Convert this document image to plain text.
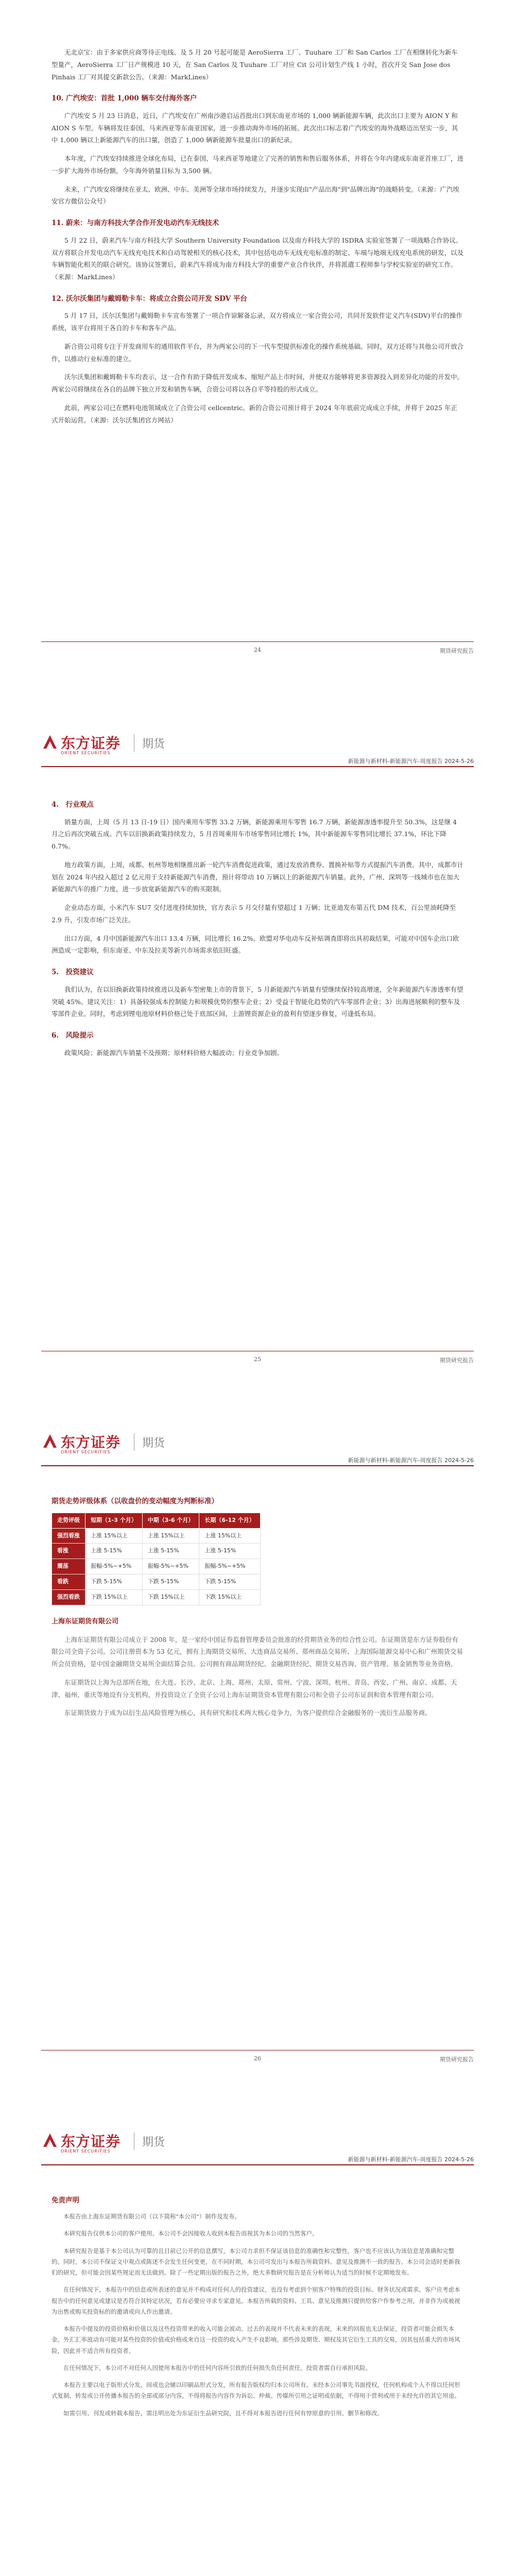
无北京宝：由于多家供应商等待正电线、及 5 月 20 号起可能是 AeroSierra 工厂、Tuuhare 工厂和 San Carlos 工厂在相继转化为新车型量产，AeroSierra 工厂日产规模进 10 天，在 San Carlos 及 Tuuhare 工厂对应 Cit 公司计划生产线 1 小时，首次开交 San Jose dos Pinhais 工厂对其提交新款公告。（来源：MarkLines）

10. 广汽埃安：首批 1,000 辆车交付海外客户

广汽埃安 5 月 23 日消息，近日，广汽埃安在广州南沙港启运首批出口到东南亚市场的 1,000 辆新能源车辆，此次出口主要为 AION Y 和 AION S 车型。车辆将发往泰国、马来西亚等东南亚国家，进一步推动海外市场的拓展。此次出口标志着广汽埃安的海外战略迈出坚实一步，其中 1,000 辆以上新能源汽车的出口量，创造了 1,000 辆新能源车批量出口的新纪录。

本年度，广汽埃安持续推进全球化布局，已在泰国、马来西亚等地建立了完善的销售和售后服务体系，并将在今年内建成东南亚首座工厂，进一步扩大海外市场份额，今年海外销量目标为 3,500 辆。

未来，广汽埃安将继续在亚太、欧洲、中东、美洲等全球市场持续发力，并逐步实现由"产品出海"到"品牌出海"的战略转变。（来源：广汽埃安官方微信公众号）

11. 蔚来：与南方科技大学合作开发电动汽车无线技术

5 月 22 日，蔚来汽车与南方科技大学 Southern University Foundation 以及南方科技大学的 ISDRA 实验室签署了一项战略合作协议。双方将联合开发电动汽车无线充电技术和自动驾驶相关的核心技术，其中包括电动车无线充电标准的制定、车端与地端无线充电系统的研发，以及车辆智能化相关的联合研究。该协议签署后，蔚来汽车将成为南方科技大学的重要产业合作伙伴，并将派遣工程师参与学校实验室的研究工作。（来源：MarkLines）

12. 沃尔沃集团与戴姆勒卡车：将成立合资公司开发 SDV 平台

5 月 17 日，沃尔沃集团与戴姆勒卡车宣布签署了一项合作谅解备忘录，双方将成立一家合资公司，共同开发软件定义汽车(SDV)平台的操作系统，该平台将用于各自的卡车和客车产品。

新合资公司将专注于开发商用车的通用软件平台，并为两家公司的下一代车型提供标准化的操作系统基础。同时，双方还将与其他公司开放合作，以推动行业标准的建立。

沃尔沃集团和戴姆勒卡车均表示，这一合作有助于降低开发成本、缩短产品上市时间，并使双方能够将更多资源投入到差异化功能的开发中。两家公司将继续在各自的品牌下独立开发和销售车辆，合资公司将以各自平等持股的形式成立。

此前，两家公司已在燃料电池领域成立了合资公司 cellcentric。新的合资公司预计将于 2024 年年底前完成成立手续，并将于 2025 年正式开始运营。（来源：沃尔沃集团官方网站）

24	期货研究报告
东方证券
ORIENT SECURITIES
期货
新能源与新材料-新能源汽车-周度报告 2024-5-26
4.　行业观点

销量方面，上周（5 月 13 日-19 日）国内乘用车零售 33.2 万辆，新能源乘用车零售 16.7 万辆，新能源渗透率提升至 50.3%，这是继 4 月之后再次突破五成。汽车以旧换新政策持续发力，5 月首周乘用车市场零售同比增长 1%，其中新能源车零售同比增长 37.1%，环比下降 0.7%。

地方政策方面，上周，成都、杭州等地相继推出新一轮汽车消费促进政策，通过发放消费券、置换补贴等方式提振汽车消费。其中，成都市计划在 2024 年内投入超过 2 亿元用于支持新能源汽车消费，预计将带动 10 万辆以上的新能源汽车销量。此外，广州、深圳等一线城市也在加大新能源汽车的推广力度，进一步放宽新能源汽车的购买限制。

企业动态方面，小米汽车 SU7 交付进度持续加快，官方表示 5 月交付量有望超过 1 万辆；比亚迪发布第五代 DM 技术，百公里油耗降至 2.9 升，引发市场广泛关注。

出口方面，4 月中国新能源汽车出口 13.4 万辆，同比增长 16.2%。欧盟对华电动车反补贴调查即将出具初裁结果，可能对中国车企出口欧洲造成一定影响，但东南亚、中东及拉美等新兴市场需求依旧旺盛。

5.　投资建议

我们认为，在以旧换新政策持续推进以及新车型密集上市的背景下，5 月新能源汽车销量有望继续保持较高增速，全年新能源汽车渗透率有望突破 45%。建议关注：1）具备较强成本控制能力和规模优势的整车企业；2）受益于智能化趋势的汽车零部件企业；3）出海进展顺利的整车及零部件企业。同时，考虑到锂电池原材料价格已处于底部区间，上游锂资源企业的盈利有望逐步修复，可逢低布局。

6.　风险提示

政策风险；新能源汽车销量不及预期；原材料价格大幅波动；行业竞争加剧。

25	期货研究报告
东方证券
ORIENT SECURITIES
期货
新能源与新材料-新能源汽车-周度报告 2024-5-26
期货走势评级体系（以收盘价的变动幅度为判断标准）
走势评级	短期（1-3 个月）	中期（3-6 个月）	长期（6-12 个月）
强烈看涨	上涨 15%以上	上涨 15%以上	上涨 15%以上
看涨	上涨 5-15%	上涨 5-15%	上涨 5-15%
震荡	振幅-5%~+5%	振幅-5%~+5%	振幅-5%~+5%
看跌	下跌 5-15%	下跌 5-15%	下跌 5-15%
强烈看跌	下跌 15%以上	下跌 15%以上	下跌 15%以上
上海东证期货有限公司

上海东证期货有限公司成立于 2008 年，是一家经中国证券监督管理委员会批准的经营期货业务的综合性公司。东证期货是东方证券股份有限公司全资子公司。公司注册资本为 53 亿元，拥有上海期货交易所、大连商品交易所、郑州商品交易所、上海国际能源交易中心和广州期货交易所会员资格，是中国金融期货交易所全面结算会员。公司拥有商品期货经纪、金融期货经纪、期货交易咨询、资产管理、基金销售等业务资格。

东证期货以上海为总部所在地，在大连、长沙、北京、上海、郑州、太原、常州、宁波、深圳、杭州、青岛、西安、广州、南京、成都、天津、福州、重庆等地设有分支机构，并投资设立了全资子公司上海东证期货资本管理有限公司和全资子公司东证润和资本管理有限公司。

东证期货致力于成为以衍生品风险管理为核心，具有研究和技术两大核心竞争力，为客户提供综合金融服务的一流衍生品服务商。

26	期货研究报告
东方证券
ORIENT SECURITIES
期货
新能源与新材料-新能源汽车-周度报告 2024-5-26
免责声明

本报告由上海东证期货有限公司（以下简称"本公司"）制作及发布。

本研究报告仅供本公司的客户使用。本公司不会因接收人收到本报告而视其为本公司的当然客户。

本研究报告是基于本公司认为可靠的且目前已公开的信息撰写，本公司力求但不保证该信息的准确性和完整性，客户也不应该认为该信息是准确和完整的。同时，本公司不保证文中观点或陈述不会发生任何变更，在不同时期，本公司可发出与本报告所载资料、意见及推测不一致的报告。本公司会适时更新我们的研究，但可能会因某些规定而无法做到。除了一些定期出版的报告之外，绝大多数研究报告是在分析师认为适当的时候不定期地发布。

在任何情况下，本报告中的信息或所表述的意见并不构成对任何人的投资建议，也没有考虑到个别客户特殊的投资目标、财务状况或需求。客户应考虑本报告中的任何意见或建议是否符合其特定状况，若有必要应寻求专家意见。本报告所载的资料、工具、意见及推测只提供给客户作参考之用，并非作为或被视为出售或购买投资标的的邀请或向人作出邀请。

本报告中提及的投资价格和价值以及这些投资带来的收入可能会波动。过去的表现并不代表未来的表现，未来的回报也无法保证，投资者可能会损失本金。外汇汇率波动有可能对某些投资的价值或价格或来自这一投资的收入产生不良影响。那些涉及期货、期权及其它衍生工具的交易，因其包括重大的市场风险，因此并不适合所有投资者。

在任何情况下，本公司不对任何人因使用本报告中的任何内容所引致的任何损失负任何责任，投资者需自行承担风险。

本报告主要以电子版形式分发，间或也会辅以印刷品形式分发，所有报告版权均归本公司所有。未经本公司事先书面授权，任何机构或个人不得以任何形式复制、转发或公开传播本报告的全部或部分内容，不得将报告内容作为诉讼、仲裁、传媒所引用之证明或依据，不得用于营利或用于未经允许的其它用途。

如需引用、刊发或转载本报告，需注明出处为东证衍生品研究院，且不得对本报告进行任何有悖原意的引用、删节和修改。
